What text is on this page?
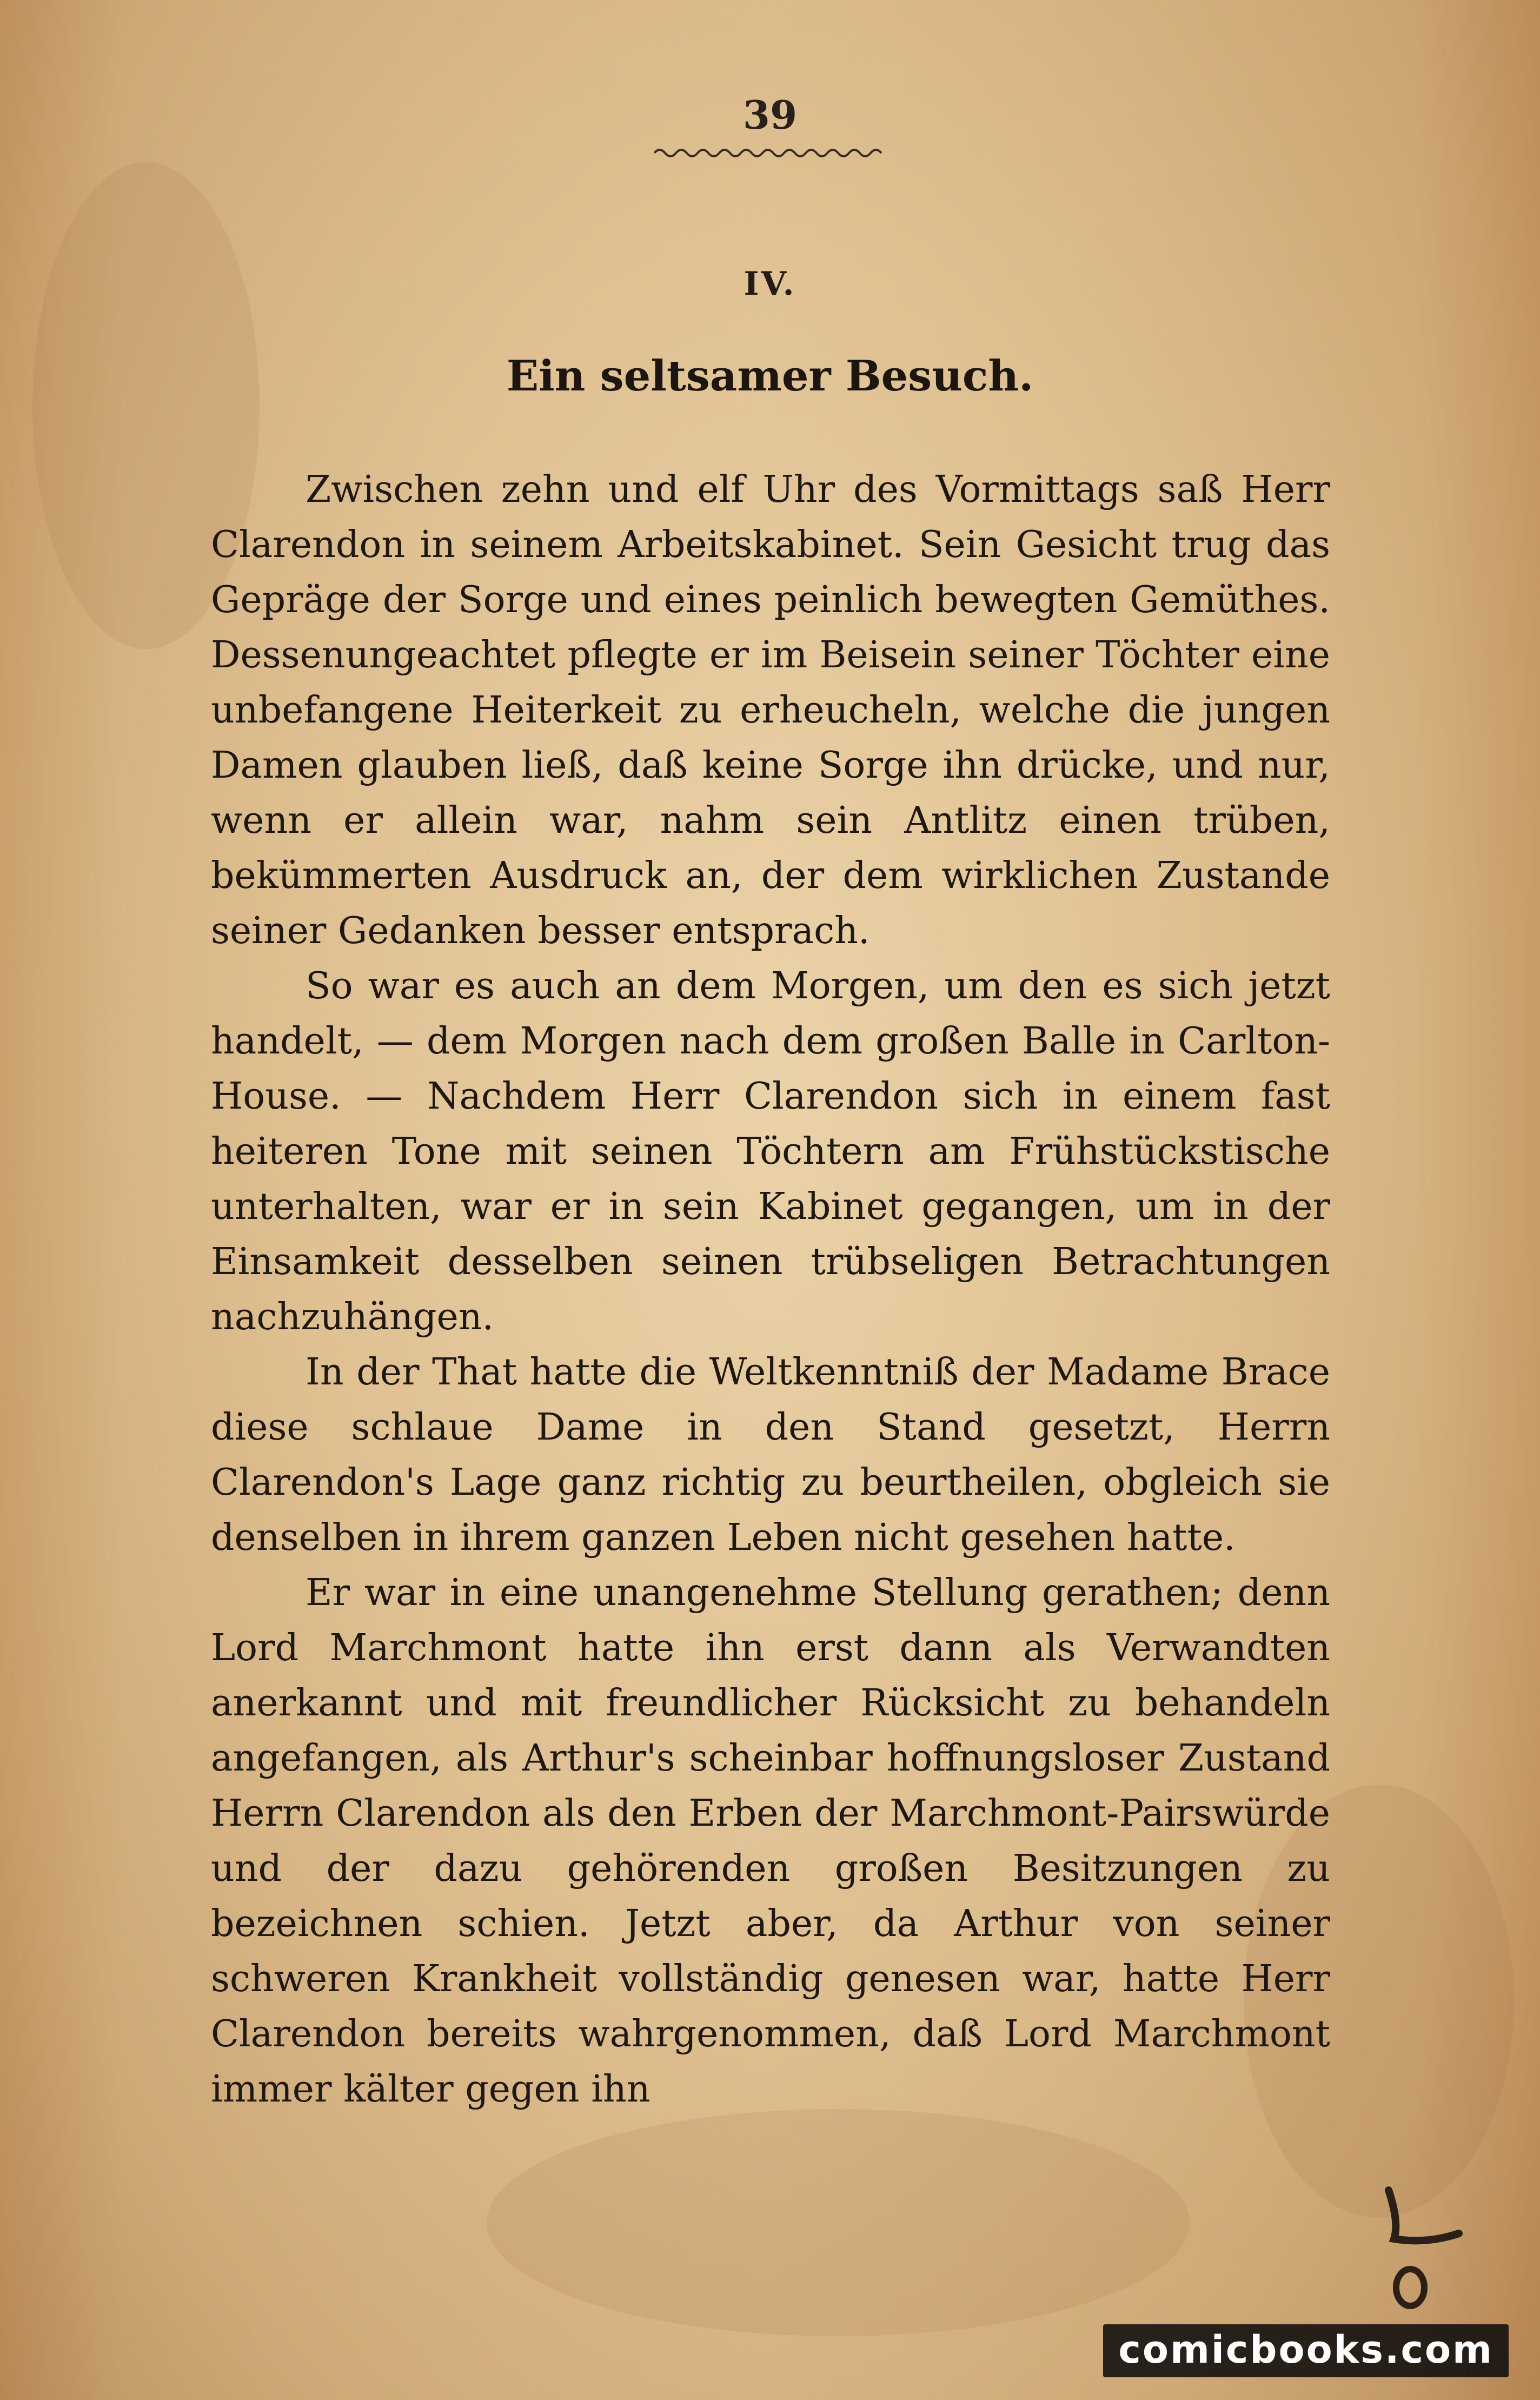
39
IV.
Ein seltsamer Besuch.

Zwischen zehn und elf Uhr des Vormittags saß Herr Clarendon in seinem Arbeitskabinet. Sein Gesicht trug das Gepräge der Sorge und eines peinlich bewegten Gemüthes. Dessenungeachtet pflegte er im Beisein seiner Töchter eine unbefangene Heiterkeit zu erheucheln, welche die jungen Damen glauben ließ, daß keine Sorge ihn drücke, und nur, wenn er allein war, nahm sein Antlitz einen trüben, bekümmerten Ausdruck an, der dem wirklichen Zustande seiner Gedanken besser entsprach.

So war es auch an dem Morgen, um den es sich jetzt handelt, — dem Morgen nach dem großen Balle in Carlton-House. — Nachdem Herr Clarendon sich in einem fast heiteren Tone mit seinen Töchtern am Frühstückstische unterhalten, war er in sein Kabinet gegangen, um in der Einsamkeit desselben seinen trübseligen Betrachtungen nachzuhängen.

In der That hatte die Weltkenntniß der Madame Brace diese schlaue Dame in den Stand gesetzt, Herrn Clarendon's Lage ganz richtig zu beurtheilen, obgleich sie denselben in ihrem ganzen Leben nicht gesehen hatte.

Er war in eine unangenehme Stellung gerathen; denn Lord Marchmont hatte ihn erst dann als Verwandten anerkannt und mit freundlicher Rücksicht zu behandeln angefangen, als Arthur's scheinbar hoffnungsloser Zustand Herrn Clarendon als den Erben der Marchmont-Pairswürde und der dazu gehörenden großen Besitzungen zu bezeichnen schien. Jetzt aber, da Arthur von seiner schweren Krankheit vollständig genesen war, hatte Herr Clarendon bereits wahrgenommen, daß Lord Marchmont immer kälter gegen ihn

comicbooks.com
